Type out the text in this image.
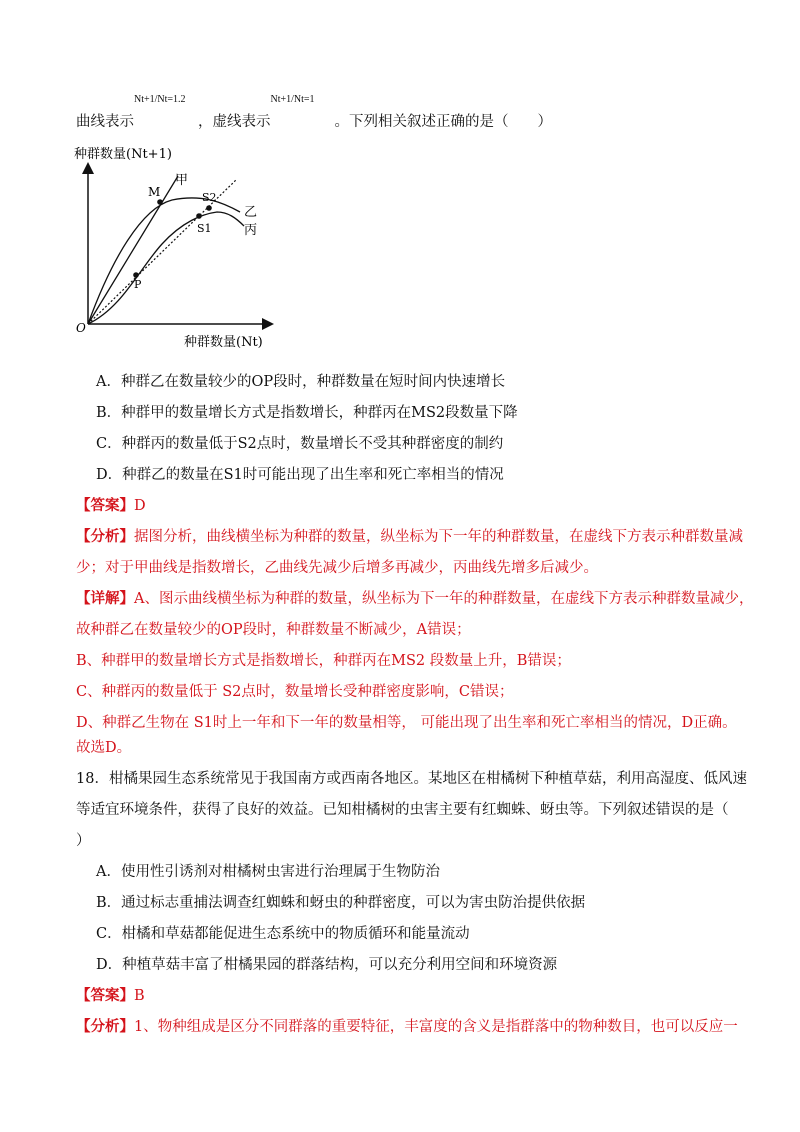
曲线表示
Nt+1/Nt=1.2
，虚线表示
Nt+1/Nt=1
。下列相关叙述正确的是（　　）
种群数量(Nt+1)
O
种群数量(Nt)
M
甲
S2
S1
P
乙
丙
A．种群乙在数量较少的OP段时，种群数量在短时间内快速增长
B．种群甲的数量增长方式是指数增长，种群丙在MS2段数量下降
C．种群丙的数量低于S2点时，数量增长不受其种群密度的制约
D．种群乙的数量在S1时可能出现了出生率和死亡率相当的情况
【答案】D
【分析】据图分析，曲线横坐标为种群的数量，纵坐标为下一年的种群数量，在虚线下方表示种群数量减
少；对于甲曲线是指数增长，乙曲线先减少后增多再减少，丙曲线先增多后减少。
【详解】A、图示曲线横坐标为种群的数量，纵坐标为下一年的种群数量，在虚线下方表示种群数量减少，
故种群乙在数量较少的OP段时，种群数量不断减少，A错误；
B、种群甲的数量增长方式是指数增长，种群丙在MS2 段数量上升，B错误；
C、种群丙的数量低于 S2点时，数量增长受种群密度影响，C错误；
D、种群乙生物在 S1时上一年和下一年的数量相等， 可能出现了出生率和死亡率相当的情况，D正确。
故选D。
18．柑橘果园生态系统常见于我国南方或西南各地区。某地区在柑橘树下种植草菇，利用高湿度、低风速
等适宜环境条件，获得了良好的效益。已知柑橘树的虫害主要有红蜘蛛、蚜虫等。下列叙述错误的是（
）
A．使用性引诱剂对柑橘树虫害进行治理属于生物防治
B．通过标志重捕法调查红蜘蛛和蚜虫的种群密度，可以为害虫防治提供依据
C．柑橘和草菇都能促进生态系统中的物质循环和能量流动
D．种植草菇丰富了柑橘果园的群落结构，可以充分利用空间和环境资源
【答案】B
【分析】1、物种组成是区分不同群落的重要特征，丰富度的含义是指群落中的物种数目，也可以反应一
